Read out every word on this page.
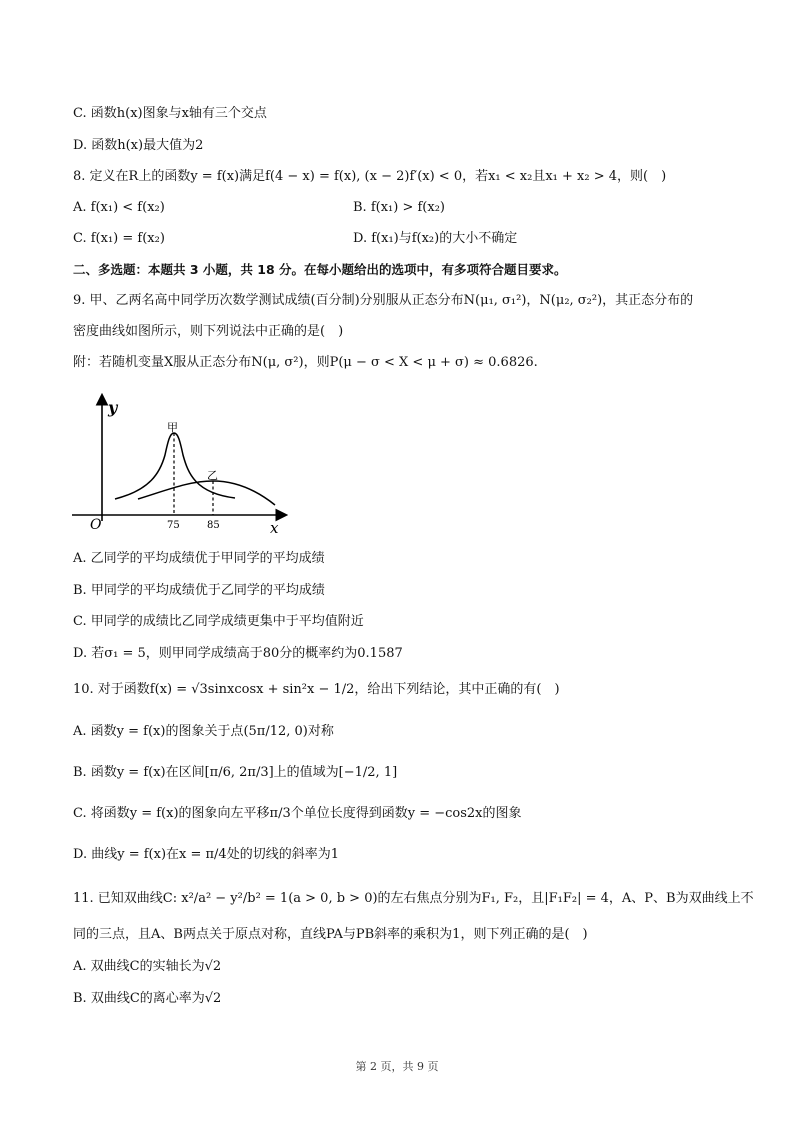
C. 函数h(x)图象与x轴有三个交点
D. 函数h(x)最大值为2
8. 定义在R上的函数y = f(x)满足f(4 − x) = f(x), (x − 2)f′(x) < 0，若x₁ < x₂且x₁ + x₂ > 4，则(　)
A. f(x₁) < f(x₂)	B. f(x₁) > f(x₂)
C. f(x₁) = f(x₂)	D. f(x₁)与f(x₂)的大小不确定
二、多选题：本题共 3 小题，共 18 分。在每小题给出的选项中，有多项符合题目要求。
9. 甲、乙两名高中同学历次数学测试成绩(百分制)分别服从正态分布N(μ₁, σ₁²)，N(μ₂, σ₂²)，其正态分布的
密度曲线如图所示，则下列说法中正确的是(　)
附：若随机变量X服从正态分布N(μ, σ²)，则P(μ − σ < X < μ + σ) ≈ 0.6826.
y
x
O
甲
乙
75	85
A. 乙同学的平均成绩优于甲同学的平均成绩
B. 甲同学的平均成绩优于乙同学的平均成绩
C. 甲同学的成绩比乙同学成绩更集中于平均值附近
D. 若σ₁ = 5，则甲同学成绩高于80分的概率约为0.1587
10. 对于函数f(x) = √3sinxcosx + sin²x − 1/2，给出下列结论，其中正确的有(　)
A. 函数y = f(x)的图象关于点(5π/12, 0)对称
B. 函数y = f(x)在区间[π/6, 2π/3]上的值域为[−1/2, 1]
C. 将函数y = f(x)的图象向左平移π/3个单位长度得到函数y = −cos2x的图象
D. 曲线y = f(x)在x = π/4处的切线的斜率为1
11. 已知双曲线C: x²/a² − y²/b² = 1(a > 0, b > 0)的左右焦点分别为F₁, F₂，且|F₁F₂| = 4，A、P、B为双曲线上不
同的三点，且A、B两点关于原点对称，直线PA与PB斜率的乘积为1，则下列正确的是(　)
A. 双曲线C的实轴长为√2
B. 双曲线C的离心率为√2
第 2 页，共 9 页
